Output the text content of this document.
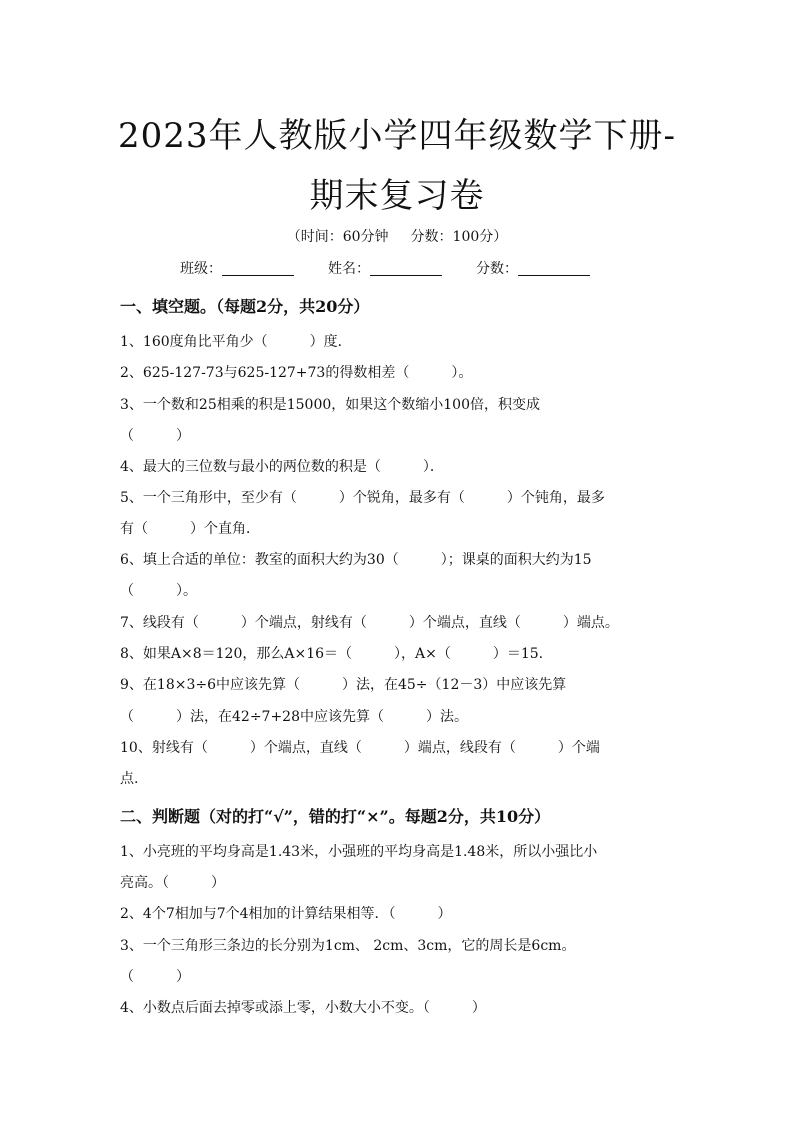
2023年人教版小学四年级数学下册-
期末复习卷
（时间：60分钟 分数：100分）
班级：	姓名：	分数：
一、填空题。（每题2分，共20分）
1、160度角比平角少（　　　）度．
2、625-127-73与625-127+73的得数相差（　　　）。
3、一个数和25相乘的积是15000，如果这个数缩小100倍，积变成
（　　　）
4、最大的三位数与最小的两位数的积是（　　　）．
5、一个三角形中，至少有（　　　）个锐角，最多有（　　　）个钝角，最多
有（　　　）个直角．
6、填上合适的单位：教室的面积大约为30（　　　）；课桌的面积大约为15
（　　　）。
7、线段有（　　　）个端点，射线有（　　　）个端点，直线（　　　）端点。
8、如果A×8＝120，那么A×16＝（　　　），A×（　　　）＝15.
9、在18×3÷6中应该先算（　　　）法，在45÷（12－3）中应该先算
（　　　）法，在42÷7+28中应该先算（　　　）法。
10、射线有（　　　）个端点，直线（　　　）端点，线段有（　　　）个端
点.
二、判断题（对的打“√”，错的打“×”。每题2分，共10分）
1、小亮班的平均身高是1.43米，小强班的平均身高是1.48米，所以小强比小
亮高。（　　　）
2、4个7相加与7个4相加的计算结果相等．（　　　）
3、一个三角形三条边的长分别为1cm、 2cm、3cm，它的周长是6cm。
（　　　）
4、小数点后面去掉零或添上零，小数大小不变。（　　　）
